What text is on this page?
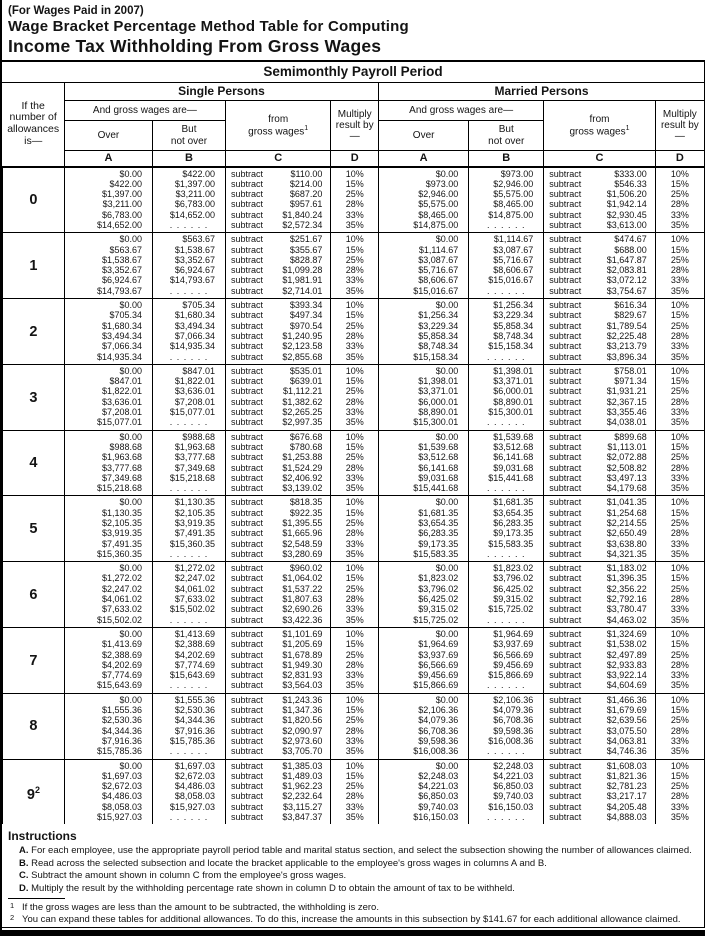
(For Wages Paid in 2007)
Wage Bracket Percentage Method Table for Computing
Income Tax Withholding From Gross Wages
Semimonthly Payroll Period
If the number of allowances is—	Single Persons				Married Persons			
	And gross wages are—		from
gross wages$^1$	Multiply result by—	And gross wages are—		from
gross wages$^1$	Multiply result by—
	Over	But
not over			Over	But
not over		
	A	B	C	D	A	B	C	D
0	$0.00	$422.00	subtract $110.00	10%	$0.00	$973.00	subtract $333.00	10%
	$422.00	$1,397.00	subtract $214.00	15%	$973.00	$2,946.00	subtract $546.33	15%
	$1,397.00	$3,211.00	subtract $687.20	25%	$2,946.00	$5,575.00	subtract $1,506.20	25%
	$3,211.00	$6,783.00	subtract $957.61	28%	$5,575.00	$8,465.00	subtract $1,942.14	28%
	$6,783.00	$14,652.00	subtract $1,840.24	33%	$8,465.00	$14,875.00	subtract $2,930.45	33%
	$14,652.00	. . . . . .	subtract $2,572.34	35%	$14,875.00	. . . . . .	subtract $3,613.00	35%
1	$0.00	$563.67	subtract $251.67	10%	$0.00	$1,114.67	subtract $474.67	10%
	$563.67	$1,538.67	subtract $355.67	15%	$1,114.67	$3,087.67	subtract $688.00	15%
	$1,538.67	$3,352.67	subtract $828.87	25%	$3,087.67	$5,716.67	subtract $1,647.87	25%
	$3,352.67	$6,924.67	subtract $1,099.28	28%	$5,716.67	$8,606.67	subtract $2,083.81	28%
	$6,924.67	$14,793.67	subtract $1,981.91	33%	$8,606.67	$15,016.67	subtract $3,072.12	33%
	$14,793.67	. . . . . .	subtract $2,714.01	35%	$15,016.67	. . . . . .	subtract $3,754.67	35%
2	$0.00	$705.34	subtract $393.34	10%	$0.00	$1,256.34	subtract $616.34	10%
	$705.34	$1,680.34	subtract $497.34	15%	$1,256.34	$3,229.34	subtract $829.67	15%
	$1,680.34	$3,494.34	subtract $970.54	25%	$3,229.34	$5,858.34	subtract $1,789.54	25%
	$3,494.34	$7,066.34	subtract $1,240.95	28%	$5,858.34	$8,748.34	subtract $2,225.48	28%
	$7,066.34	$14,935.34	subtract $2,123.58	33%	$8,748.34	$15,158.34	subtract $3,213.79	33%
	$14,935.34	. . . . . .	subtract $2,855.68	35%	$15,158.34	. . . . . .	subtract $3,896.34	35%
3	$0.00	$847.01	subtract $535.01	10%	$0.00	$1,398.01	subtract $758.01	10%
	$847.01	$1,822.01	subtract $639.01	15%	$1,398.01	$3,371.01	subtract $971.34	15%
	$1,822.01	$3,636.01	subtract $1,112.21	25%	$3,371.01	$6,000.01	subtract $1,931.21	25%
	$3,636.01	$7,208.01	subtract $1,382.62	28%	$6,000.01	$8,890.01	subtract $2,367.15	28%
	$7,208.01	$15,077.01	subtract $2,265.25	33%	$8,890.01	$15,300.01	subtract $3,355.46	33%
	$15,077.01	. . . . . .	subtract $2,997.35	35%	$15,300.01	. . . . . .	subtract $4,038.01	35%
4	$0.00	$988.68	subtract $676.68	10%	$0.00	$1,539.68	subtract $899.68	10%
	$988.68	$1,963.68	subtract $780.68	15%	$1,539.68	$3,512.68	subtract $1,113.01	15%
	$1,963.68	$3,777.68	subtract $1,253.88	25%	$3,512.68	$6,141.68	subtract $2,072.88	25%
	$3,777.68	$7,349.68	subtract $1,524.29	28%	$6,141.68	$9,031.68	subtract $2,508.82	28%
	$7,349.68	$15,218.68	subtract $2,406.92	33%	$9,031.68	$15,441.68	subtract $3,497.13	33%
	$15,218.68	. . . . . .	subtract $3,139.02	35%	$15,441.68	. . . . . .	subtract $4,179.68	35%
5	$0.00	$1,130.35	subtract $818.35	10%	$0.00	$1,681.35	subtract $1,041.35	10%
	$1,130.35	$2,105.35	subtract $922.35	15%	$1,681.35	$3,654.35	subtract $1,254.68	15%
	$2,105.35	$3,919.35	subtract $1,395.55	25%	$3,654.35	$6,283.35	subtract $2,214.55	25%
	$3,919.35	$7,491.35	subtract $1,665.96	28%	$6,283.35	$9,173.35	subtract $2,650.49	28%
	$7,491.35	$15,360.35	subtract $2,548.59	33%	$9,173.35	$15,583.35	subtract $3,638.80	33%
	$15,360.35	. . . . . .	subtract $3,280.69	35%	$15,583.35	. . . . . .	subtract $4,321.35	35%
6	$0.00	$1,272.02	subtract $960.02	10%	$0.00	$1,823.02	subtract $1,183.02	10%
	$1,272.02	$2,247.02	subtract $1,064.02	15%	$1,823.02	$3,796.02	subtract $1,396.35	15%
	$2,247.02	$4,061.02	subtract $1,537.22	25%	$3,796.02	$6,425.02	subtract $2,356.22	25%
	$4,061.02	$7,633.02	subtract $1,807.63	28%	$6,425.02	$9,315.02	subtract $2,792.16	28%
	$7,633.02	$15,502.02	subtract $2,690.26	33%	$9,315.02	$15,725.02	subtract $3,780.47	33%
	$15,502.02	. . . . . .	subtract $3,422.36	35%	$15,725.02	. . . . . .	subtract $4,463.02	35%
7	$0.00	$1,413.69	subtract $1,101.69	10%	$0.00	$1,964.69	subtract $1,324.69	10%
	$1,413.69	$2,388.69	subtract $1,205.69	15%	$1,964.69	$3,937.69	subtract $1,538.02	15%
	$2,388.69	$4,202.69	subtract $1,678.89	25%	$3,937.69	$6,566.69	subtract $2,497.89	25%
	$4,202.69	$7,774.69	subtract $1,949.30	28%	$6,566.69	$9,456.69	subtract $2,933.83	28%
	$7,774.69	$15,643.69	subtract $2,831.93	33%	$9,456.69	$15,866.69	subtract $3,922.14	33%
	$15,643.69	. . . . . .	subtract $3,564.03	35%	$15,866.69	. . . . . .	subtract $4,604.69	35%
8	$0.00	$1,555.36	subtract $1,243.36	10%	$0.00	$2,106.36	subtract $1,466.36	10%
	$1,555.36	$2,530.36	subtract $1,347.36	15%	$2,106.36	$4,079.36	subtract $1,679.69	15%
	$2,530.36	$4,344.36	subtract $1,820.56	25%	$4,079.36	$6,708.36	subtract $2,639.56	25%
	$4,344.36	$7,916.36	subtract $2,090.97	28%	$6,708.36	$9,598.36	subtract $3,075.50	28%
	$7,916.36	$15,785.36	subtract $2,973.60	33%	$9,598.36	$16,008.36	subtract $4,063.81	33%
	$15,785.36	. . . . . .	subtract $3,705.70	35%	$16,008.36	. . . . . .	subtract $4,746.36	35%
$9^2$	$0.00	$1,697.03	subtract $1,385.03	10%	$0.00	$2,248.03	subtract $1,608.03	10%
	$1,697.03	$2,672.03	subtract $1,489.03	15%	$2,248.03	$4,221.03	subtract $1,821.36	15%
	$2,672.03	$4,486.03	subtract $1,962.23	25%	$4,221.03	$6,850.03	subtract $2,781.23	25%
	$4,486.03	$8,058.03	subtract $2,232.64	28%	$6,850.03	$9,740.03	subtract $3,217.17	28%
	$8,058.03	$15,927.03	subtract $3,115.27	33%	$9,740.03	$16,150.03	subtract $4,205.48	33%
	$15,927.03	. . . . . .	subtract $3,847.37	35%	$16,150.03	. . . . . .	subtract $4,888.03	35%
Instructions

A. For each employee, use the appropriate payroll period table and marital status section, and select the subsection showing the number of allowances claimed.

B. Read across the selected subsection and locate the bracket applicable to the employee's gross wages in columns A and B.

C. Subtract the amount shown in column C from the employee's gross wages.

D. Multiply the result by the withholding percentage rate shown in column D to obtain the amount of tax to be withheld.

1 If the gross wages are less than the amount to be subtracted, the withholding is zero.

2 You can expand these tables for additional allowances. To do this, increase the amounts in this subsection by $141.67 for each additional allowance claimed.
